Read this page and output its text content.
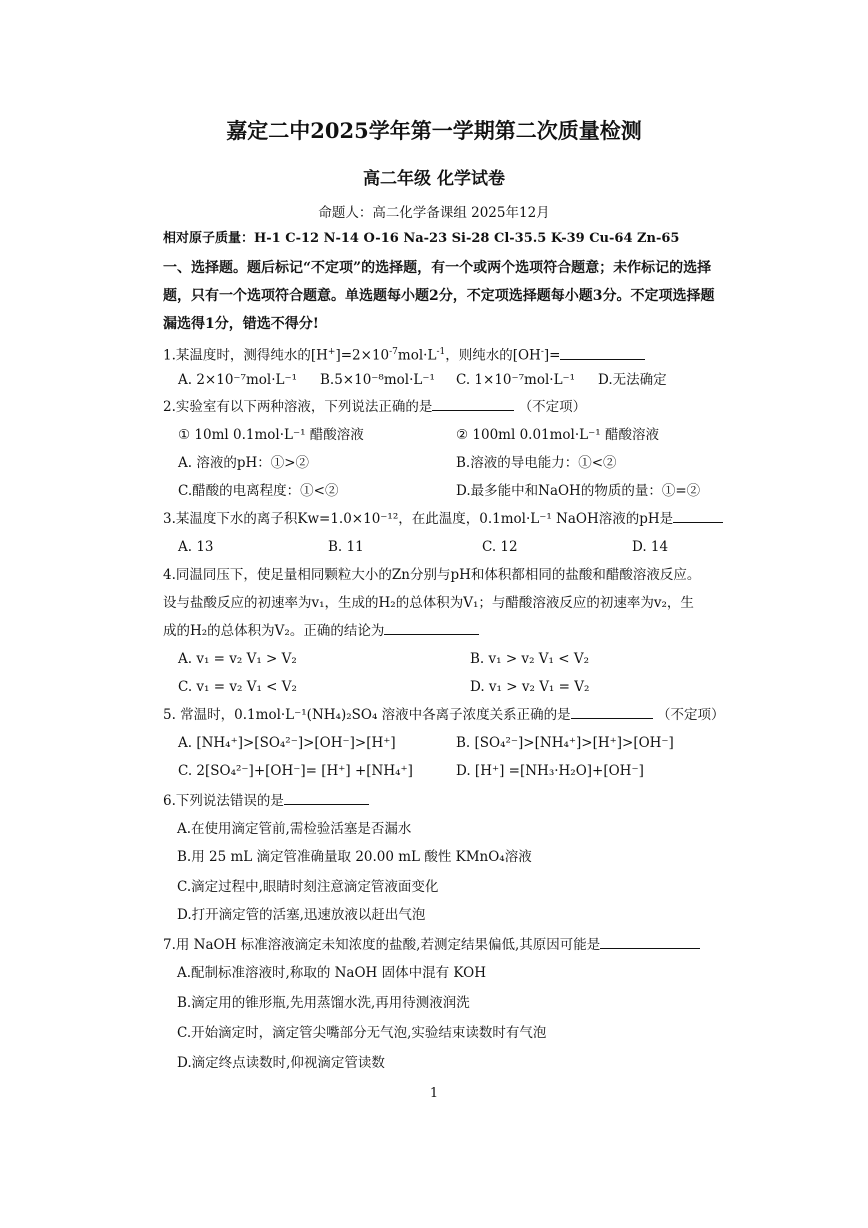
嘉定二中2025学年第一学期第二次质量检测
高二年级 化学试卷
命题人：高二化学备课组 2025年12月
相对原子质量：H-1 C-12 N-14 O-16 Na-23 Si-28 Cl-35.5 K-39 Cu-64 Zn-65
一、选择题。题后标记“不定项”的选择题，有一个或两个选项符合题意；未作标记的选择
题，只有一个选项符合题意。单选题每小题2分，不定项选择题每小题3分。不定项选择题
漏选得1分，错选不得分!
1.某温度时，测得纯水的$[H^+]=2\times 10^{-7}mol\cdot L^{-1}$，则纯水的[OH-]=
A. 2×10⁻⁷mol·L⁻¹ B.5×10⁻⁸mol·L⁻¹ C. 1×10⁻⁷mol·L⁻¹ D.无法确定
2.实验室有以下两种溶液，下列说法正确的是	（不定项）
① 10ml 0.1mol·L⁻¹ 醋酸溶液	② 100ml 0.01mol·L⁻¹ 醋酸溶液
A. 溶液的pH：①>②	B.溶液的导电能力：①<②
C.醋酸的电离程度：①<②	D.最多能中和NaOH的物质的量：①=②
3.某温度下水的离子积Kw=1.0×10⁻¹²，在此温度，0.1mol·L⁻¹ NaOH溶液的pH是
A. 13	B. 11	C. 12	D. 14
4.同温同压下，使足量相同颗粒大小的Zn分别与pH和体积都相同的盐酸和醋酸溶液反应。
设与盐酸反应的初速率为v₁，生成的H₂的总体积为V₁；与醋酸溶液反应的初速率为v₂，生
成的H₂的总体积为V₂。正确的结论为
A. v₁ = v₂ V₁ > V₂	B. v₁ > v₂ V₁ < V₂
C. v₁ = v₂ V₁ < V₂	D. v₁ > v₂ V₁ = V₂
5. 常温时，0.1mol·L⁻¹(NH₄)₂SO₄ 溶液中各离子浓度关系正确的是	（不定项）
A. [NH₄⁺]>[SO₄²⁻]>[OH⁻]>[H⁺]	B. [SO₄²⁻]>[NH₄⁺]>[H⁺]>[OH⁻]
C. 2[SO₄²⁻]+[OH⁻]= [H⁺] +[NH₄⁺]	D. [H⁺] =[NH₃·H₂O]+[OH⁻]
6.下列说法错误的是
A.在使用滴定管前,需检验活塞是否漏水
B.用 25 mL 滴定管准确量取 20.00 mL 酸性 KMnO₄溶液
C.滴定过程中,眼睛时刻注意滴定管液面变化
D.打开滴定管的活塞,迅速放液以赶出气泡
7.用 NaOH 标准溶液滴定未知浓度的盐酸,若测定结果偏低,其原因可能是
A.配制标准溶液时,称取的 NaOH 固体中混有 KOH
B.滴定用的锥形瓶,先用蒸馏水洗,再用待测液润洗
C.开始滴定时，滴定管尖嘴部分无气泡,实验结束读数时有气泡
D.滴定终点读数时,仰视滴定管读数
1
